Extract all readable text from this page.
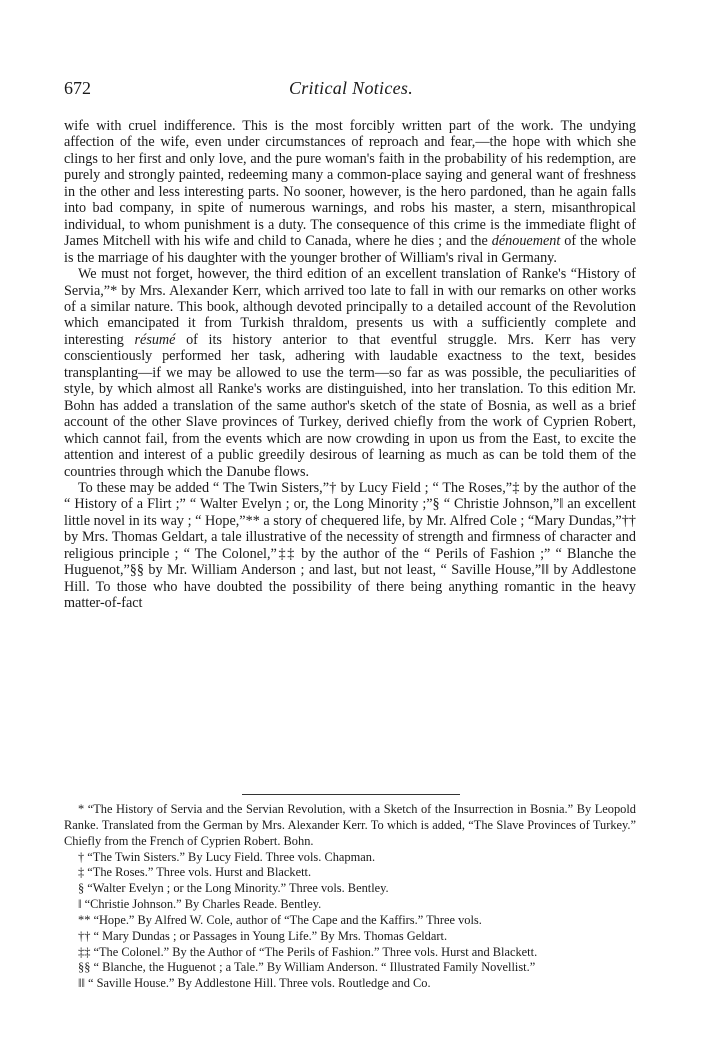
672	Critical Notices.

wife with cruel indifference. This is the most forcibly written part of the work. The undying affection of the wife, even under circumstances of reproach and fear,—the hope with which she clings to her first and only love, and the pure woman's faith in the probability of his redemption, are purely and strongly painted, redeeming many a common-place saying and general want of freshness in the other and less interesting parts. No sooner, however, is the hero pardoned, than he again falls into bad company, in spite of numerous warnings, and robs his master, a stern, misanthropical individual, to whom punishment is a duty. The consequence of this crime is the immediate flight of James Mitchell with his wife and child to Canada, where he dies ; and the dénouement of the whole is the marriage of his daughter with the younger brother of William's rival in Germany.

We must not forget, however, the third edition of an excellent translation of Ranke's “History of Servia,”* by Mrs. Alexander Kerr, which arrived too late to fall in with our remarks on other works of a similar nature. This book, although devoted principally to a detailed account of the Revolution which emancipated it from Turkish thraldom, presents us with a sufficiently complete and interesting résumé of its history anterior to that eventful struggle. Mrs. Kerr has very conscientiously performed her task, adhering with laudable exactness to the text, besides transplanting—if we may be allowed to use the term—so far as was possible, the peculiarities of style, by which almost all Ranke's works are distinguished, into her translation. To this edition Mr. Bohn has added a translation of the same author's sketch of the state of Bosnia, as well as a brief account of the other Slave provinces of Turkey, derived chiefly from the work of Cyprien Robert, which cannot fail, from the events which are now crowding in upon us from the East, to excite the attention and interest of a public greedily desirous of learning as much as can be told them of the countries through which the Danube flows.

To these may be added “ The Twin Sisters,”† by Lucy Field ; “ The Roses,”‡ by the author of the “ History of a Flirt ;” “ Walter Evelyn ; or, the Long Minority ;”§ “ Christie Johnson,”‖ an excellent little novel in its way ; “ Hope,”** a story of chequered life, by Mr. Alfred Cole ; “Mary Dundas,”†† by Mrs. Thomas Geldart, a tale illustrative of the necessity of strength and firmness of character and religious principle ; “ The Colonel,”‡‡ by the author of the “ Perils of Fashion ;” “ Blanche the Huguenot,”§§ by Mr. William Anderson ; and last, but not least, “ Saville House,”‖‖ by Addlestone Hill. To those who have doubted the possibility of there being anything romantic in the heavy matter-of-fact

* “The History of Servia and the Servian Revolution, with a Sketch of the Insurrection in Bosnia.” By Leopold Ranke. Translated from the German by Mrs. Alexander Kerr. To which is added, “The Slave Provinces of Turkey.” Chiefly from the French of Cyprien Robert. Bohn.

† “The Twin Sisters.” By Lucy Field. Three vols. Chapman.

‡ “The Roses.” Three vols. Hurst and Blackett.

§ “Walter Evelyn ; or the Long Minority.” Three vols. Bentley.

‖ “Christie Johnson.” By Charles Reade. Bentley.

** “Hope.” By Alfred W. Cole, author of “The Cape and the Kaffirs.” Three vols.

†† “ Mary Dundas ; or Passages in Young Life.” By Mrs. Thomas Geldart.

‡‡ “The Colonel.” By the Author of “The Perils of Fashion.” Three vols. Hurst and Blackett.

§§ “ Blanche, the Huguenot ; a Tale.” By William Anderson. “ Illustrated Family Novellist.”

‖‖ “ Saville House.” By Addlestone Hill. Three vols. Routledge and Co.
